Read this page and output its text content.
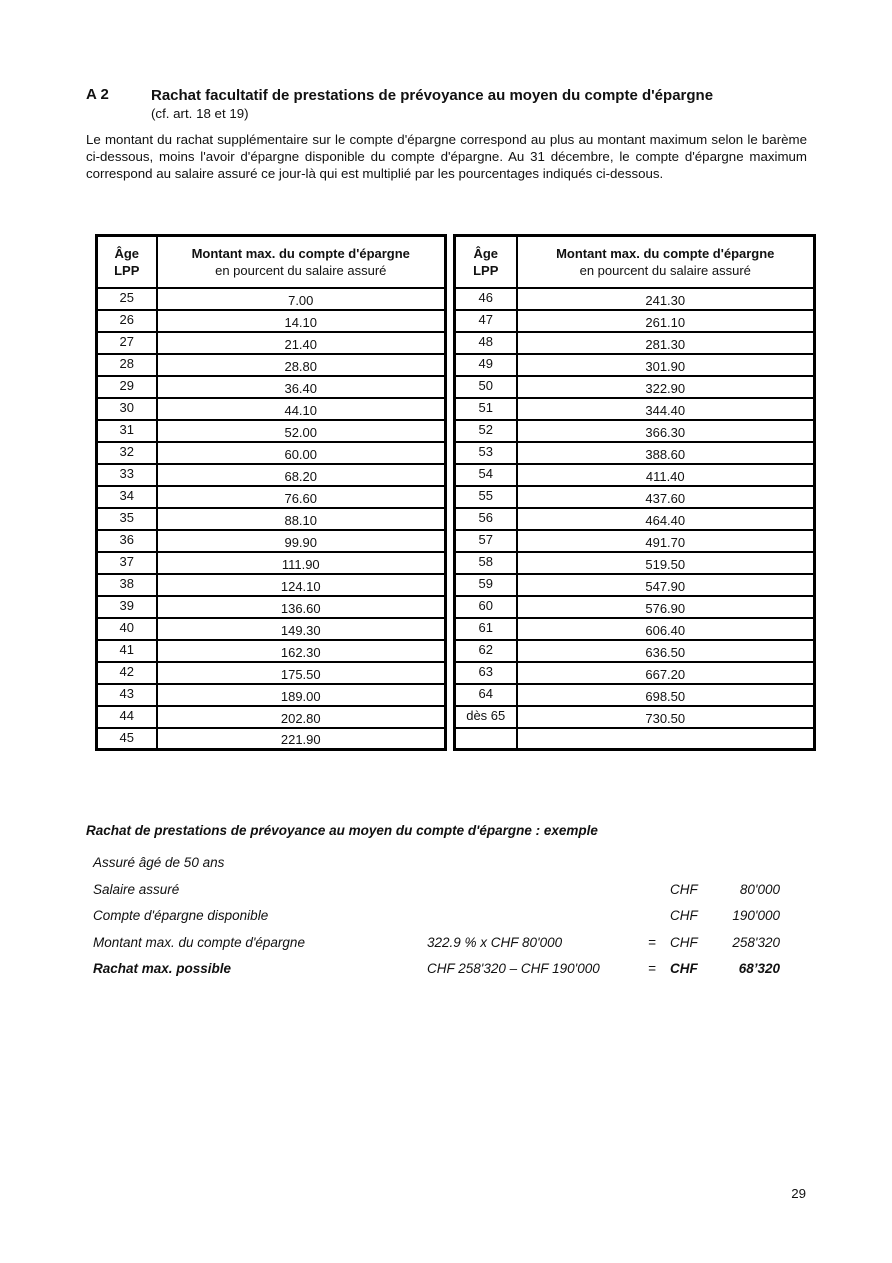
A 2	Rachat facultatif de prestations de prévoyance au moyen du compte d'épargne
(cf. art. 18 et 19)

Le montant du rachat supplémentaire sur le compte d'épargne correspond au plus au montant maximum selon le barème ci-dessous, moins l'avoir d'épargne disponible du compte d'épargne. Au 31 décembre, le compte d'épargne maximum correspond au salaire assuré ce jour-là qui est multiplié par les pourcentages indiqués ci-dessous.

Âge
LPP

Montant max. du compte d'épargne
en pourcent du salaire assuré

25	7.00
26	14.10
27	21.40
28	28.80
29	36.40
30	44.10
31	52.00
32	60.00
33	68.20
34	76.60
35	88.10
36	99.90
37	111.90
38	124.10
39	136.60
40	149.30
41	162.30
42	175.50
43	189.00
44	202.80
45	221.90
Âge
LPP

Montant max. du compte d'épargne
en pourcent du salaire assuré

46	241.30
47	261.10
48	281.30
49	301.90
50	322.90
51	344.40
52	366.30
53	388.60
54	411.40
55	437.60
56	464.40
57	491.70
58	519.50
59	547.90
60	576.90
61	606.40
62	636.50
63	667.20
64	698.50
dès 65	730.50

Rachat de prestations de prévoyance au moyen du compte d'épargne : exemple
Assuré âgé de 50 ans
Salaire assuré	CHF	80'000
Compte d'épargne disponible	CHF	190'000
Montant max. du compte d'épargne	322.9 % x CHF 80'000	= CHF	258'320
Rachat max. possible	CHF 258'320 – CHF 190'000	= CHF	68’320
29
